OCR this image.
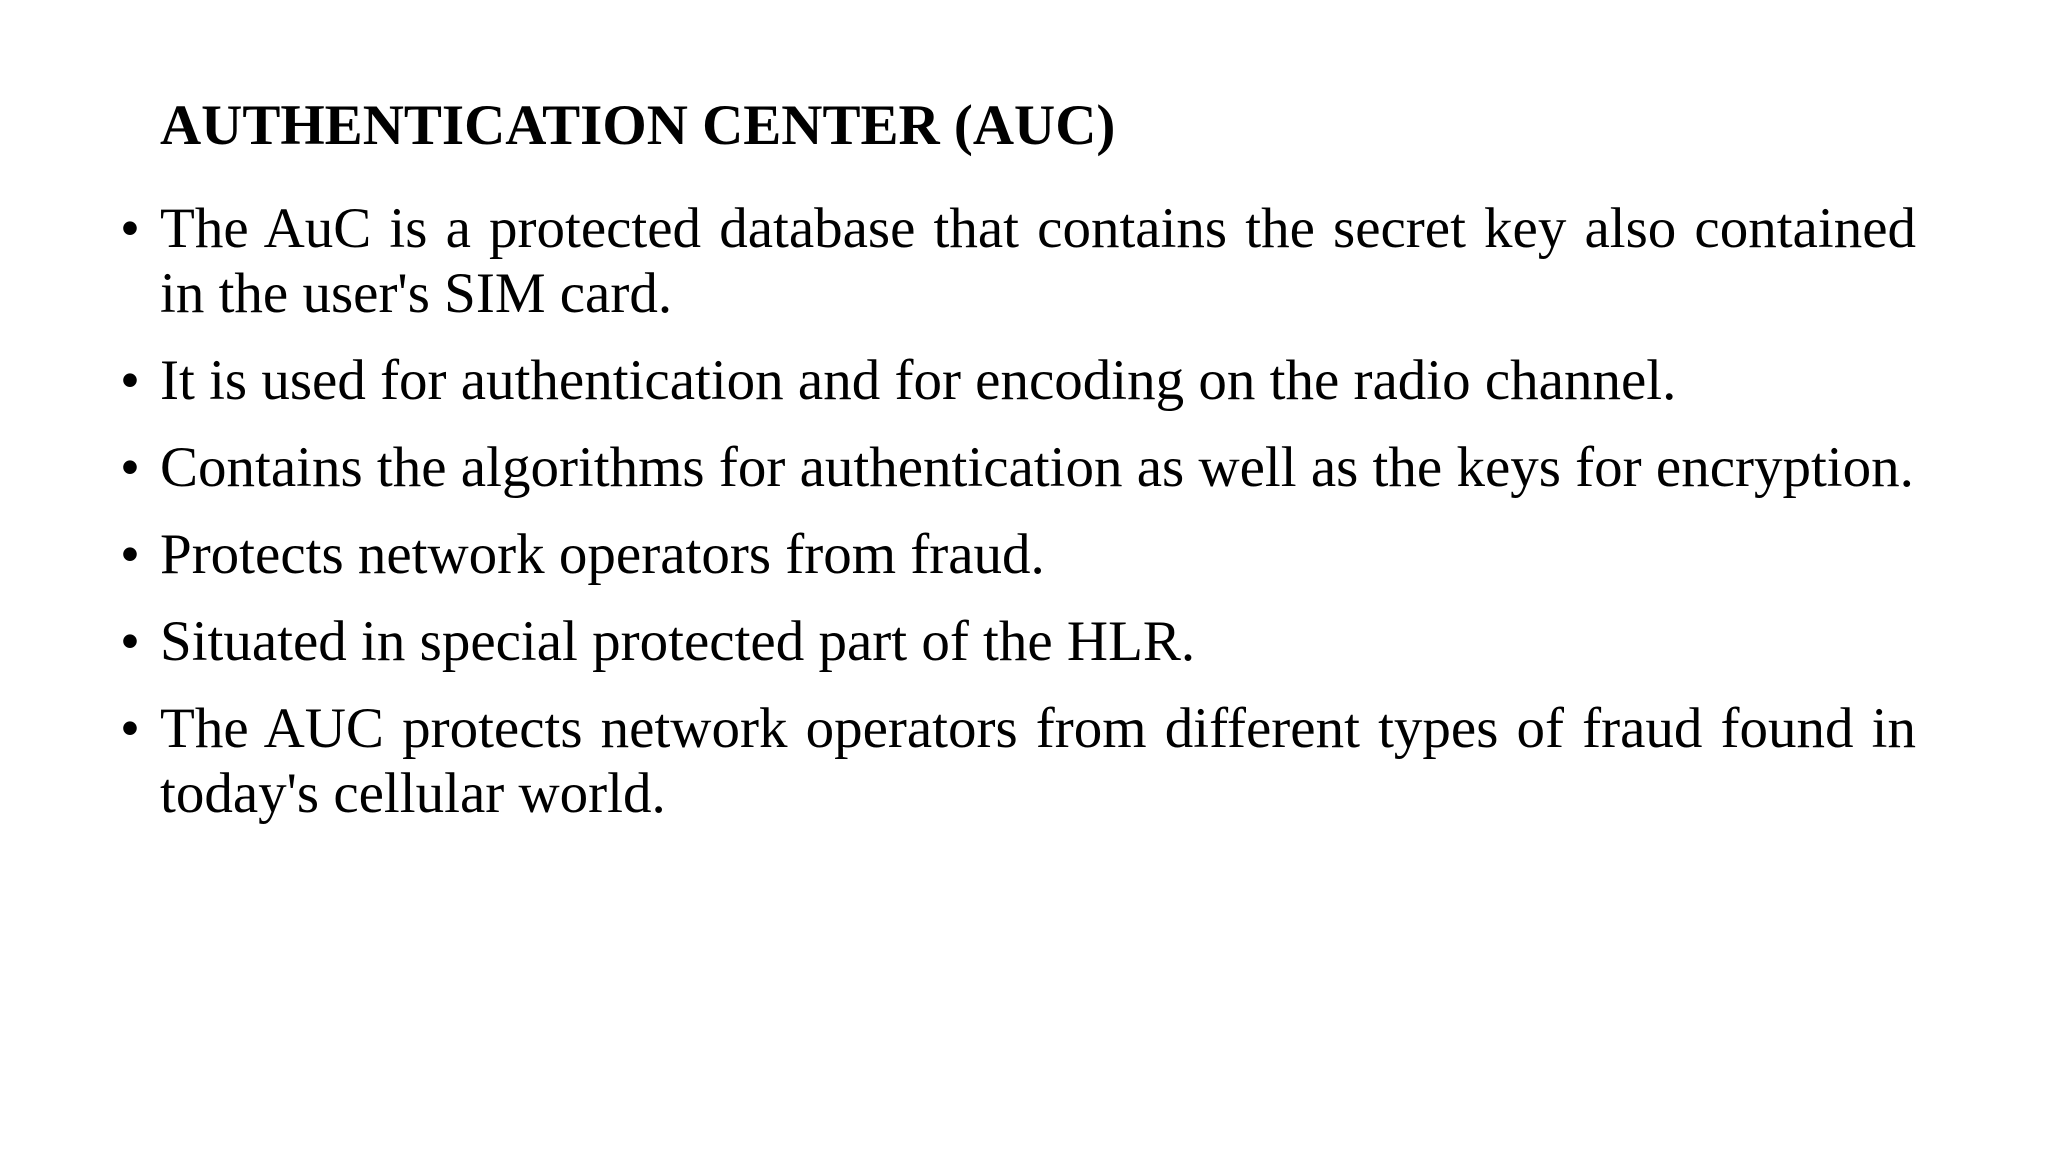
AUTHENTICATION CENTER (AUC)
• The AuC is a protected database that contains the secret key also contained in the user's SIM card.
• It is used for authentication and for encoding on the radio channel.
• Contains the algorithms for authentication as well as the keys for encryption.
• Protects network operators from fraud.
• Situated in special protected part of the HLR.
• The AUC protects network operators from different types of fraud found in today's cellular world.
